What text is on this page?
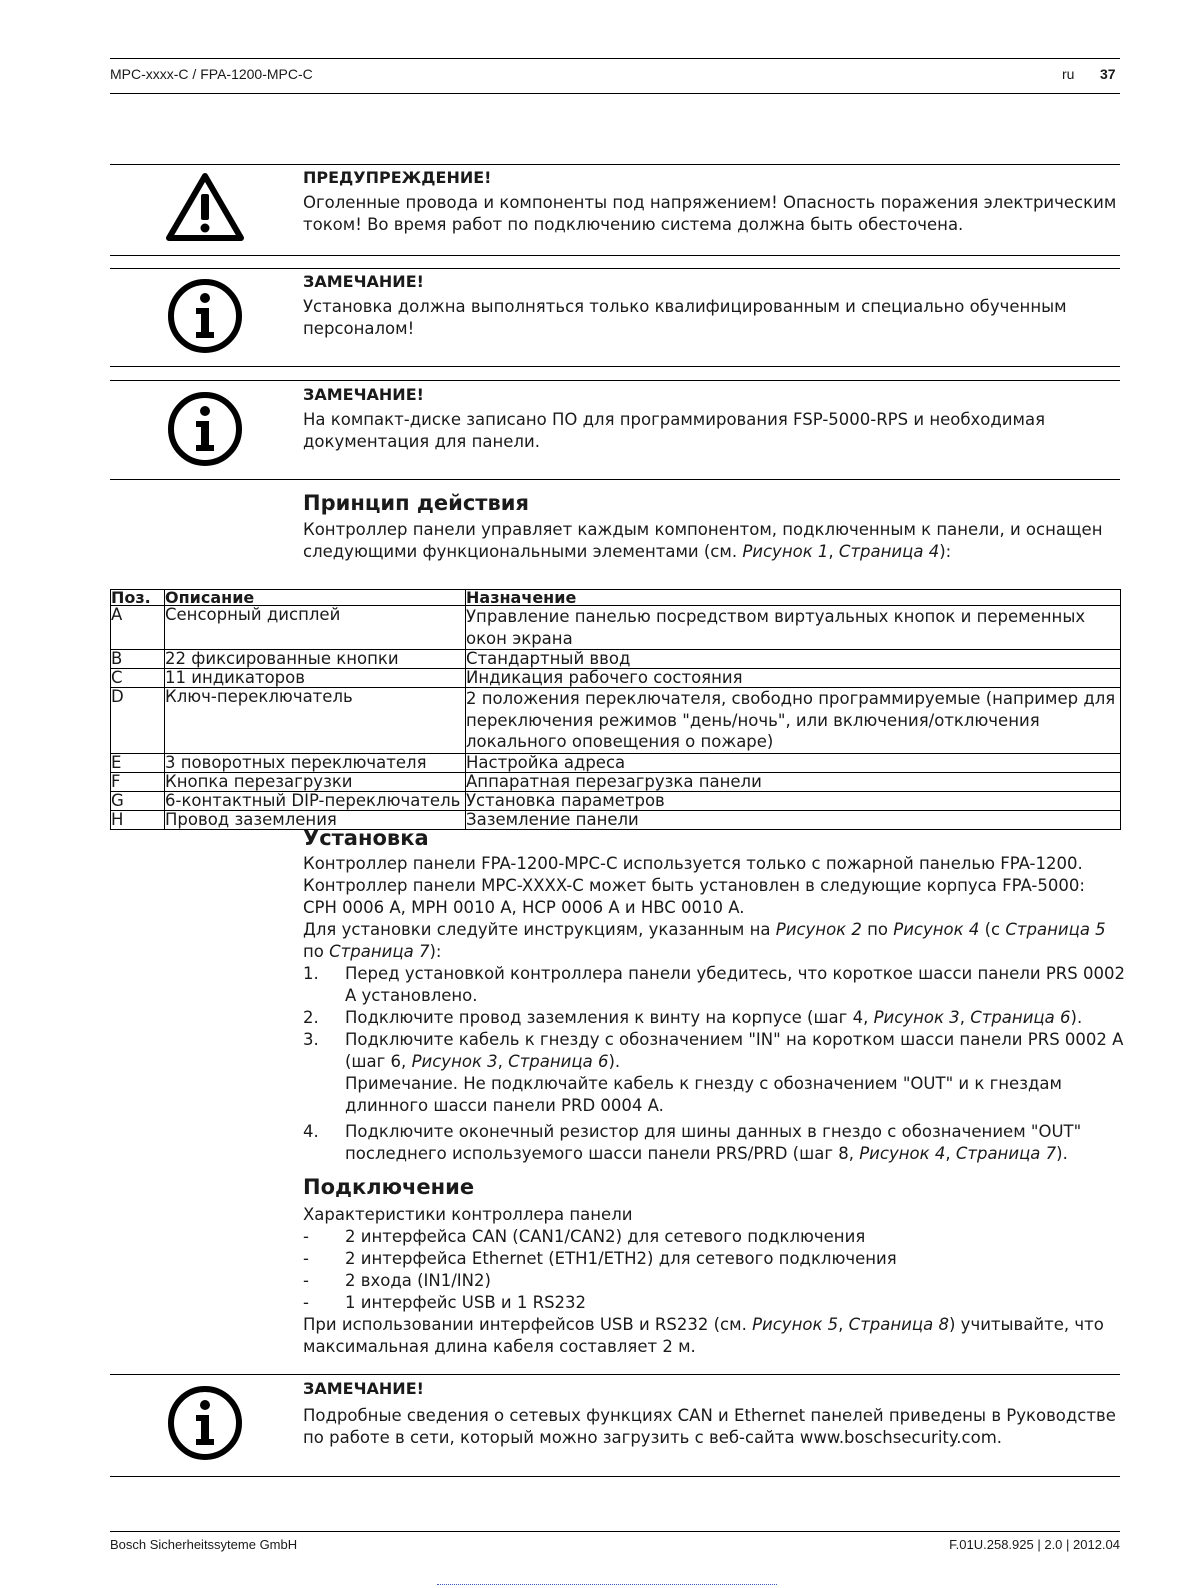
MPC-xxxx-C / FPA-1200-MPC-C	ru 37
ПРЕДУПРЕЖДЕНИЕ!
Оголенные провода и компоненты под напряжением! Опасность поражения электрическим током! Во время работ по подключению система должна быть обесточена.
ЗАМЕЧАНИЕ!
Установка должна выполняться только квалифицированным и специально обученным персоналом!
ЗАМЕЧАНИЕ!
На компакт-диске записано ПО для программирования FSP-5000-RPS и необходимая документация для панели.
Принцип действия

Контроллер панели управляет каждым компонентом, подключенным к панели, и оснащен следующими функциональными элементами (см. Рисунок 1, Страница 4):

Поз.	Описание	Назначение
A	Сенсорный дисплей	Управление панелью посредством виртуальных кнопок и переменных окон экрана
B	22 фиксированные кнопки	Стандартный ввод
C	11 индикаторов	Индикация рабочего состояния
D	Ключ-переключатель	2 положения переключателя, свободно программируемые (например для переключения режимов "день/ночь", или включения/отключения локального оповещения о пожаре)
E	3 поворотных переключателя	Настройка адреса
F	Кнопка перезагрузки	Аппаратная перезагрузка панели
G	6-контактный DIP-переключатель	Установка параметров
H	Провод заземления	Заземление панели
Установка

Контроллер панели FPA-1200-MPC-C используется только с пожарной панелью FPA-1200. Контроллер панели MPC-XXXX-C может быть установлен в следующие корпуса FPA-5000: CPH 0006 A, MPH 0010 A, HCP 0006 A и HBC 0010 A.

Для установки следуйте инструкциям, указанным на Рисунок 2 по Рисунок 4 (с Страница 5 по Страница 7):

1. Перед установкой контроллера панели убедитесь, что короткое шасси панели PRS 0002 A установлено.
2. Подключите провод заземления к винту на корпусе (шаг 4, Рисунок 3, Страница 6).
3. Подключите кабель к гнезду с обозначением "IN" на коротком шасси панели PRS 0002 A (шаг 6, Рисунок 3, Страница 6).
Примечание. Не подключайте кабель к гнезду с обозначением "OUT" и к гнездам длинного шасси панели PRD 0004 A.
4. Подключите оконечный резистор для шины данных в гнездо с обозначением "OUT" последнего используемого шасси панели PRS/PRD (шаг 8, Рисунок 4, Страница 7).
Подключение

Характеристики контроллера панели

- 2 интерфейса CAN (CAN1/CAN2) для сетевого подключения
- 2 интерфейса Ethernet (ETH1/ETH2) для сетевого подключения
- 2 входа (IN1/IN2)
- 1 интерфейс USB и 1 RS232

При использовании интерфейсов USB и RS232 (см. Рисунок 5, Страница 8) учитывайте, что максимальная длина кабеля составляет 2 м.

ЗАМЕЧАНИЕ!
Подробные сведения о сетевых функциях CAN и Ethernet панелей приведены в Руководстве по работе в сети, который можно загрузить с веб-сайта www.boschsecurity.com.
Bosch Sicherheitssyteme GmbH	F.01U.258.925 | 2.0 | 2012.04
